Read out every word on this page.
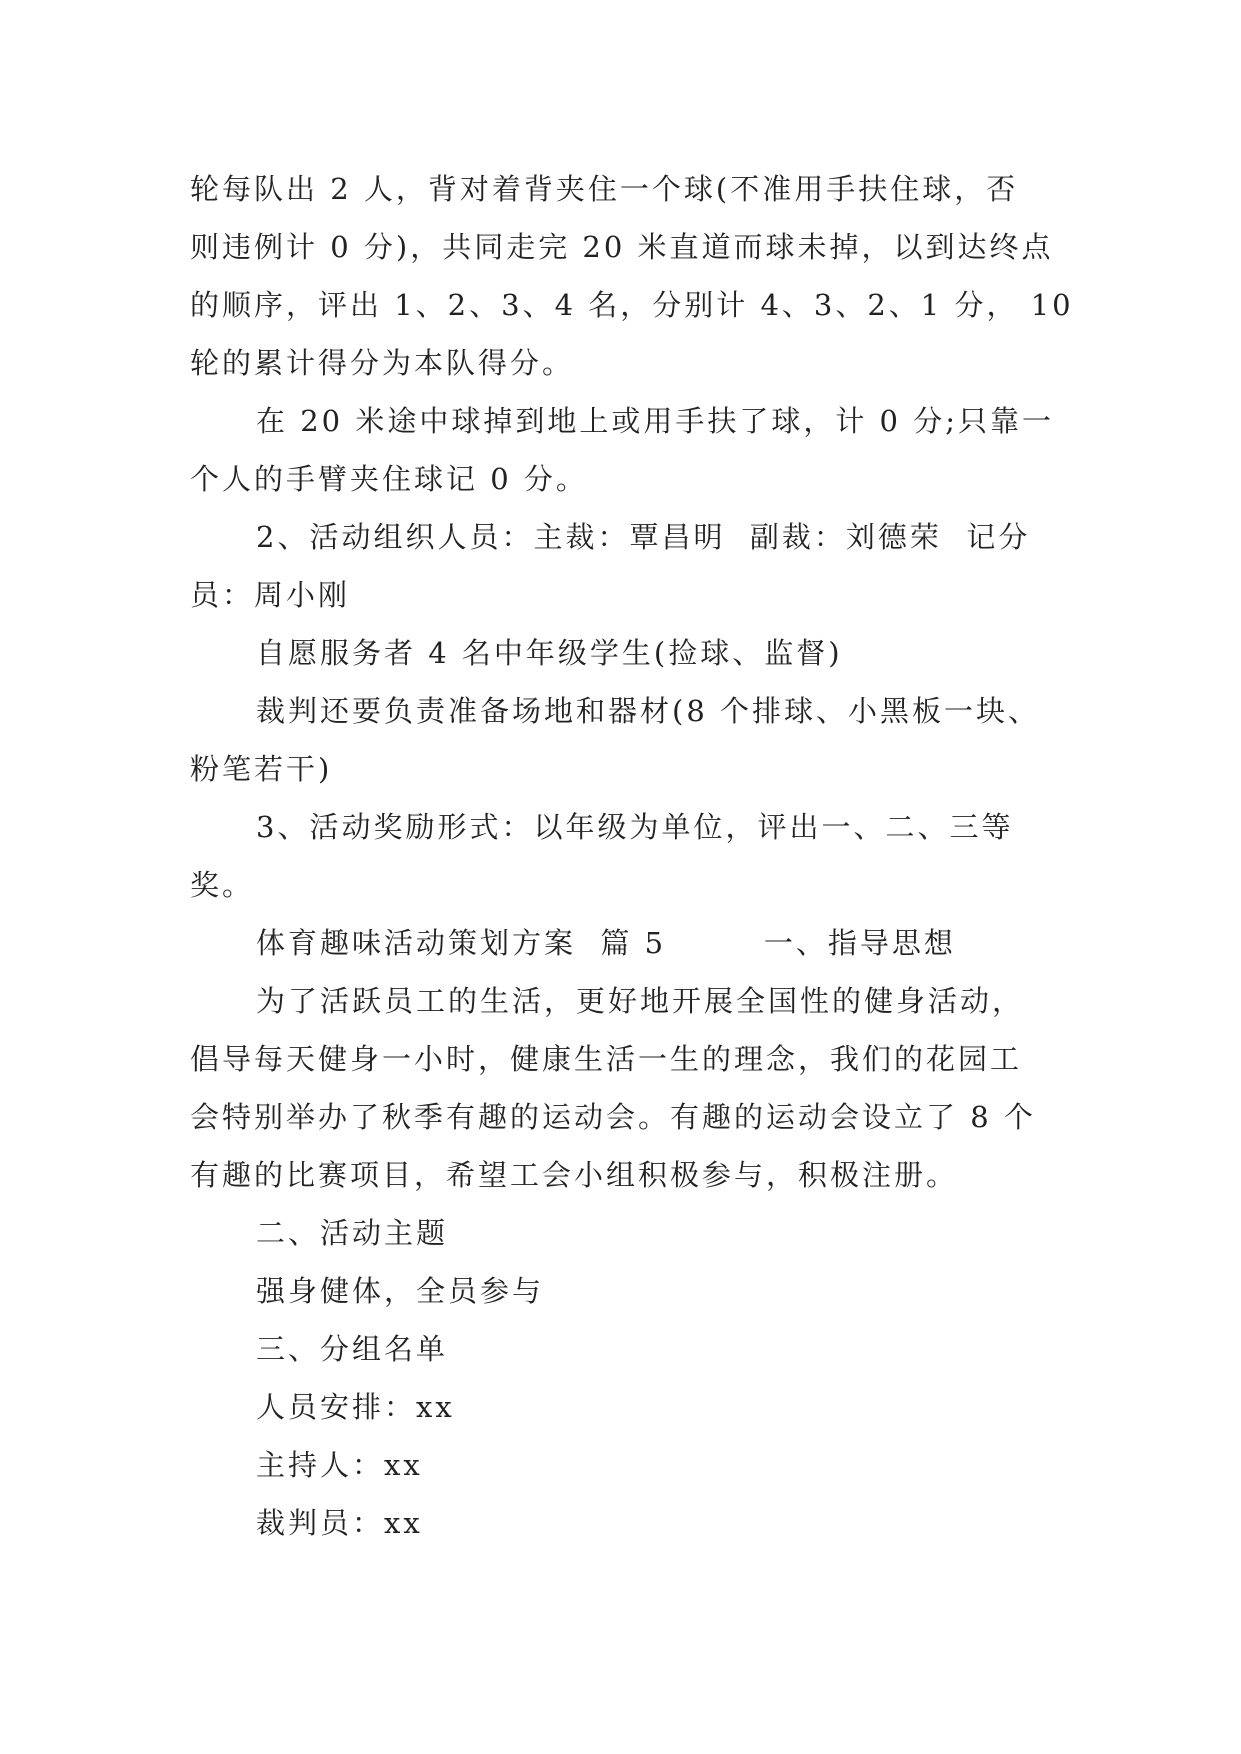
轮每队出 2 人，背对着背夹住一个球(不准用手扶住球，否
则违例计 0 分)，共同走完 20 米直道而球未掉，以到达终点
的顺序，评出 1、2、3、4 名，分别计 4、3、2、1 分， 10
轮的累计得分为本队得分。
在 20 米途中球掉到地上或用手扶了球，计 0 分;只靠一
个人的手臂夹住球记 0 分。
2、活动组织人员：主裁：覃昌明  副裁：刘德荣  记分
员：周小刚
自愿服务者 4 名中年级学生(捡球、监督)
裁判还要负责准备场地和器材(8 个排球、小黑板一块、
粉笔若干)
3、活动奖励形式：以年级为单位，评出一、二、三等
奖。
体育趣味活动策划方案  篇 5        一、指导思想
为了活跃员工的生活，更好地开展全国性的健身活动，
倡导每天健身一小时，健康生活一生的理念，我们的花园工
会特别举办了秋季有趣的运动会。有趣的运动会设立了 8 个
有趣的比赛项目，希望工会小组积极参与，积极注册。
二、活动主题
强身健体，全员参与
三、分组名单
人员安排：xx
主持人：xx
裁判员：xx
